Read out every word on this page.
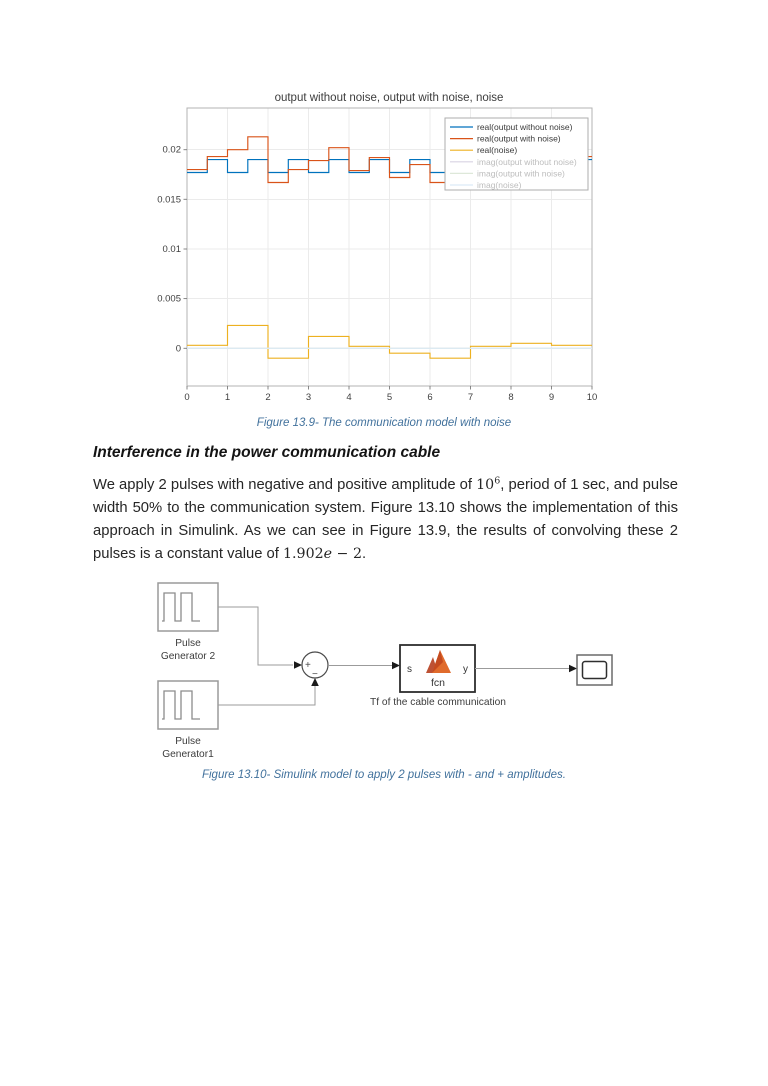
output without noise, output with noise, noise
0	1	2	3	4	5	6	7	8	9	10
0
0.005
0.01
0.015
0.02
real(output without noise)
real(output with noise)
real(noise)
imag(output without noise)
imag(output with noise)
imag(noise)
Figure 13.9- The communication model with noise
Interference in the power communication cable

We apply 2 pulses with negative and positive amplitude of $10^6$, period of 1 sec, and pulse width 50% to the communication system. Figure 13.10 shows the implementation of this approach in Simulink. As we can see in Figure 13.9, the results of convolving these 2 pulses is a constant value of 1.902e − 2.

Pulse
Generator 2
Pulse
Generator1
+
−	s	y
fcn
Tf of the cable communication
Figure 13.10- Simulink model to apply 2 pulses with - and + amplitudes.
